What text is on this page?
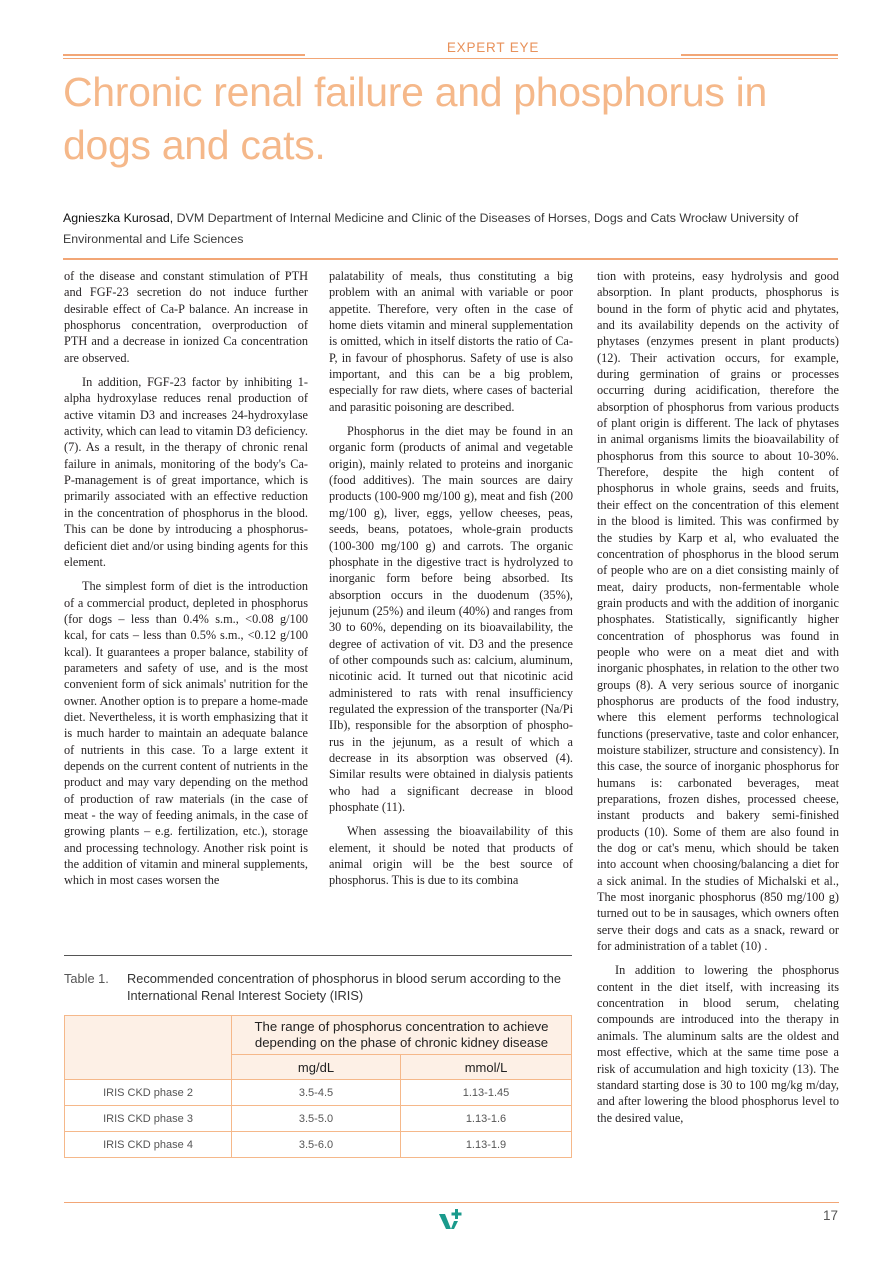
EXPERT EYE
Chronic renal failure and phosphorus in dogs and cats.
Agnieszka Kurosad, DVM Department of Internal Medicine and Clinic of the Diseases of Horses, Dogs and Cats Wrocław University of Environmental and Life Sciences

of the disease and constant stimulation of PTH and FGF-23 secretion do not induce further desirable effect of Ca-P balance. An increase in phosphorus concentration, overproduction of PTH and a decrease in ionized Ca concentration are observed.

In addition, FGF-23 factor by inhibiting 1-alpha hydroxylase reduces renal production of active vitamin D3 and increases 24-hydroxylase activity, which can lead to vitamin D3 deficiency. (7). As a result, in the therapy of chronic renal failure in animals, monitoring of the body's Ca-P-management is of great importance, which is primarily associated with an effective reduction in the concentration of phosphorus in the blood. This can be done by introducing a phosphorus-deficient diet and/or using binding agents for this element.

The simplest form of diet is the introduction of a commercial product, depleted in phosphorus (for dogs – less than 0.4% s.m., <0.08 g/100 kcal, for cats – less than 0.5% s.m., <0.12 g/100 kcal). It guarantees a proper balance, stability of parameters and safety of use, and is the most convenient form of sick animals' nutrition for the owner. Another option is to prepare a home-made diet. Nevertheless, it is worth emphasizing that it is much harder to maintain an adequate balance of nutrients in this case. To a large extent it depends on the current content of nutrients in the product and may vary depending on the method of production of raw materials (in the case of meat - the way of feeding animals, in the case of growing plants – e.g. fertilization, etc.), storage and processing technology. Another risk point is the addition of vitamin and mineral supplements, which in most cases worsen the

palatability of meals, thus constituting a big problem with an animal with variable or poor appetite. Therefore, very often in the case of home diets vitamin and mineral supplementation is omitted, which in itself distorts the ratio of Ca-P, in favour of phosphorus. Safety of use is also important, and this can be a big problem, especially for raw diets, where cases of bacterial and parasitic poisoning are described.

Phosphorus in the diet may be found in an organic form (products of animal and vegetable origin), mainly related to proteins and inorganic (food additives). The main sources are dairy products (100-900 mg/100 g), meat and fish (200 mg/100 g), liver, eggs, yellow cheeses, peas, seeds, beans, potatoes, whole-grain products (100-300 mg/100 g) and carrots. The organic phosphate in the digestive tract is hydrolyzed to inorganic form before being absorbed. Its absorption occurs in the duodenum (35%), jejunum (25%) and ileum (40%) and ranges from 30 to 60%, depending on its bioavailability, the degree of activation of vit. D3 and the presence of other compounds such as: calcium, aluminum, nicotinic acid. It turned out that nicotinic acid administered to rats with renal insufficiency regulated the expression of the transporter (Na/Pi IIb), responsible for the absorption of phosphorus in the jejunum, as a result of which a decrease in its absorption was observed (4). Similar results were obtained in dialysis patients who had a significant decrease in blood phosphate (11).

When assessing the bioavailability of this element, it should be noted that products of animal origin will be the best source of phosphorus. This is due to its combina

tion with proteins, easy hydrolysis and good absorption. In plant products, phosphorus is bound in the form of phytic acid and phytates, and its availability depends on the activity of phytases (enzymes present in plant products) (12). Their activation occurs, for example, during germination of grains or processes occurring during acidification, therefore the absorption of phosphorus from various products of plant origin is different. The lack of phytases in animal organisms limits the bioavailability of phosphorus from this source to about 10-30%. Therefore, despite the high content of phosphorus in whole grains, seeds and fruits, their effect on the concentration of this element in the blood is limited. This was confirmed by the studies by Karp et al, who evaluated the concentration of phosphorus in the blood serum of people who are on a diet consisting mainly of meat, dairy products, non-fermentable whole grain products and with the addition of inorganic phosphates. Statistically, significantly higher concentration of phosphorus was found in people who were on a meat diet and with inorganic phosphates, in relation to the other two groups (8). A very serious source of inorganic phosphorus are products of the food industry, where this element performs technological functions (preservative, taste and color enhancer, moisture stabilizer, structure and consistency). In this case, the source of inorganic phosphorus for humans is: carbonated beverages, meat preparations, frozen dishes, processed cheese, instant products and bakery semi-finished products (10). Some of them are also found in the dog or cat's menu, which should be taken into account when choosing/balancing a diet for a sick animal. In the studies of Michalski et al., The most inorganic phosphorus (850 mg/100 g) turned out to be in sausages, which owners often serve their dogs and cats as a snack, reward or for administration of a tablet (10) .

In addition to lowering the phosphorus content in the diet itself, with increasing its concentration in blood serum, chelating compounds are introduced into the therapy in animals. The aluminum salts are the oldest and most effective, which at the same time pose a risk of accumulation and high toxicity (13). The standard starting dose is 30 to 100 mg/kg m/day, and after lowering the blood phosphorus level to the desired value,

Table 1. Recommended concentration of phosphorus in blood serum according to the International Renal Interest Society (IRIS)
	The range of phosphorus concentration to achieve depending on the phase of chronic kidney disease	
	mg/dL	mmol/L
IRIS CKD phase 2	3.5-4.5	1.13-1.45
IRIS CKD phase 3	3.5-5.0	1.13-1.6
IRIS CKD phase 4	3.5-6.0	1.13-1.9
17
